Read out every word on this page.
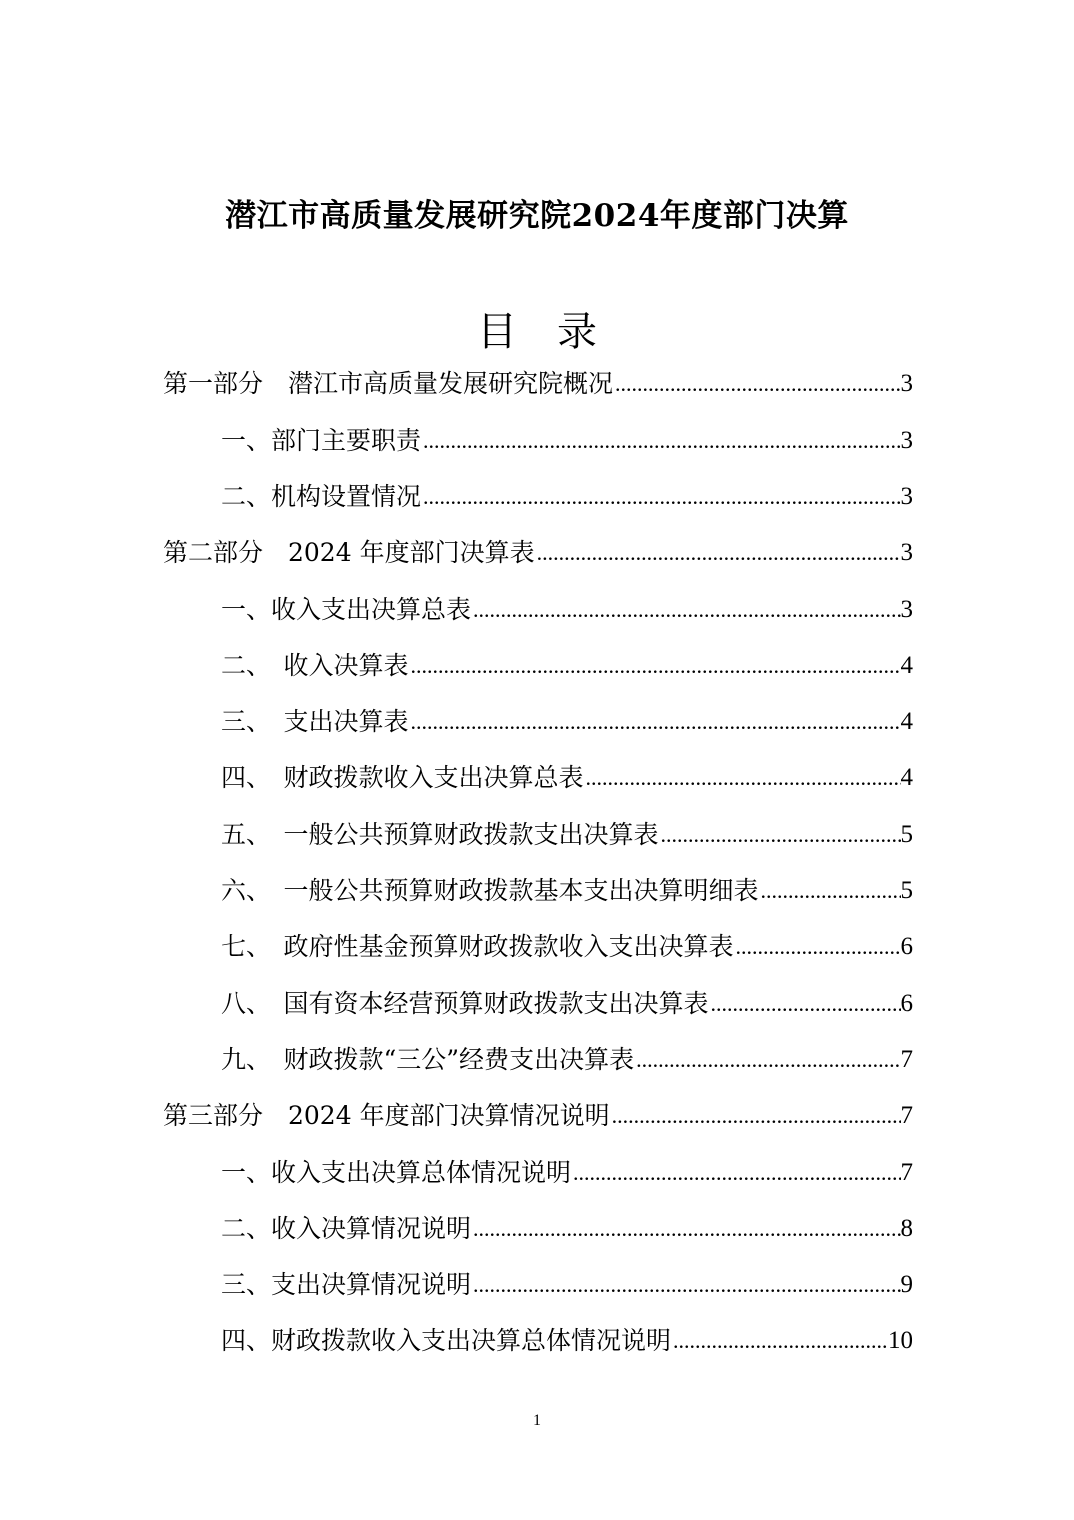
潜江市高质量发展研究院2024年度部门决算
目　录
第一部分　潜江市高质量发展研究院概况 .....	3
一、部门主要职责 .....	3
二、机构设置情况 .....	3
第二部分　2024 年度部门决算表 .....	3
一、收入支出决算总表 .....	3
二、　收入决算表 .....	4
三、　支出决算表 .....	4
四、　财政拨款收入支出决算总表 .....	4
五、　一般公共预算财政拨款支出决算表 .....	5
六、　一般公共预算财政拨款基本支出决算明细表 .....	5
七、　政府性基金预算财政拨款收入支出决算表 .....	6
八、　国有资本经营预算财政拨款支出决算表 .....	6
九、　财政拨款“三公”经费支出决算表 .....	7
第三部分　2024 年度部门决算情况说明 .....	7
一、收入支出决算总体情况说明 .....	7
二、收入决算情况说明 .....	8
三、支出决算情况说明 .....	9
四、财政拨款收入支出决算总体情况说明 .....	10
1
